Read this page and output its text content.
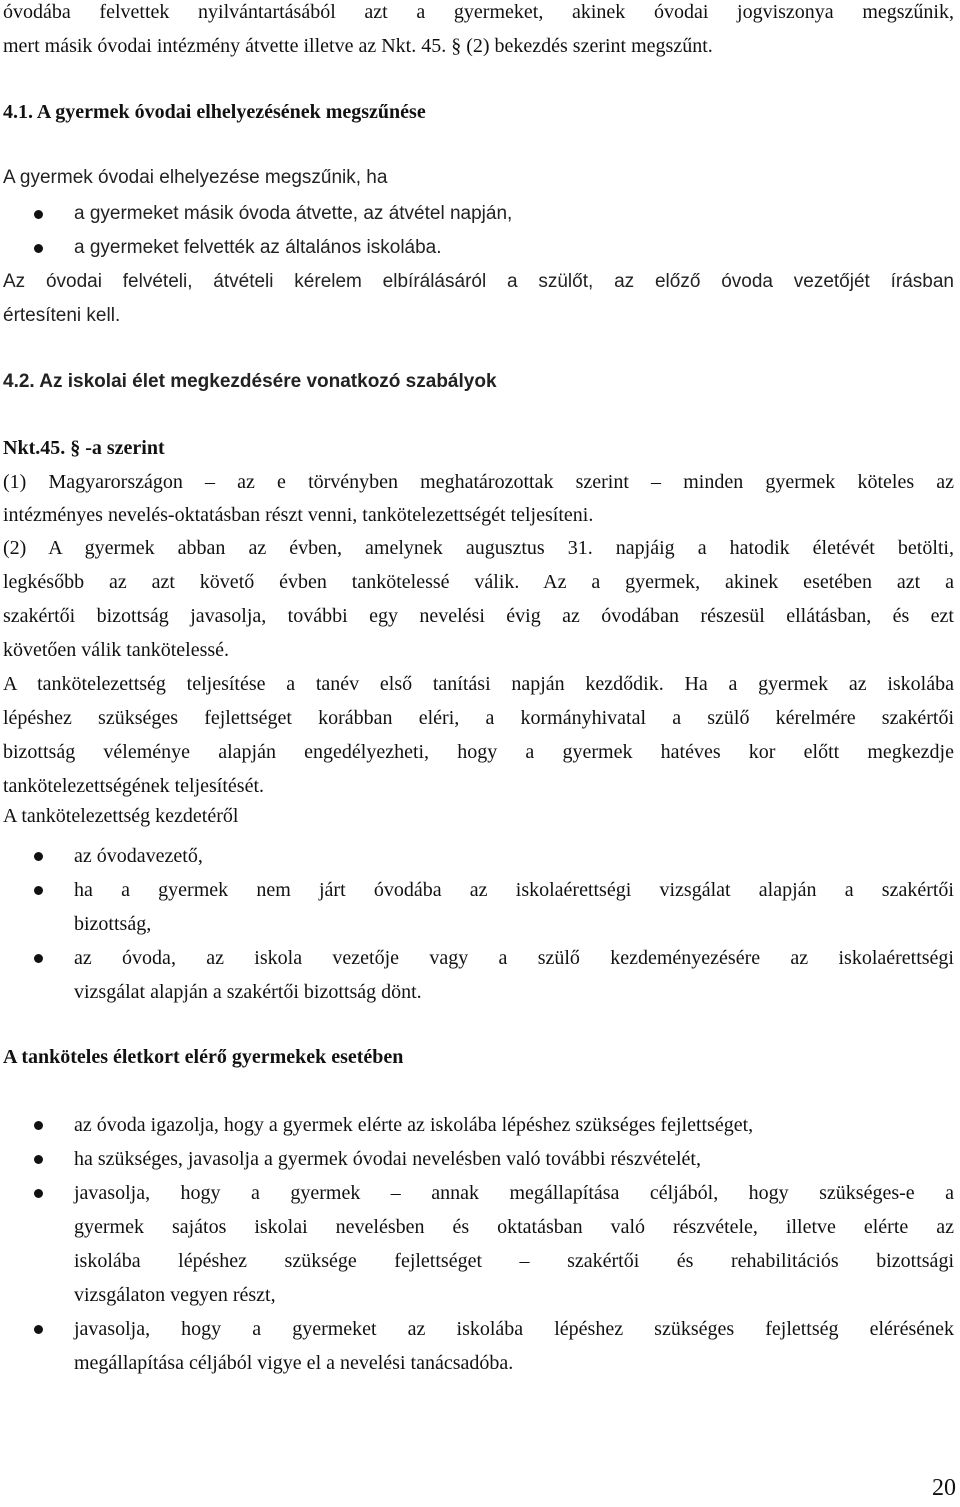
óvodába felvettek nyilvántartásából azt a gyermeket, akinek óvodai jogviszonya megszűnik,
mert másik óvodai intézmény átvette illetve az Nkt. 45. § (2) bekezdés szerint megszűnt.
4.1. A gyermek óvodai elhelyezésének megszűnése
A gyermek óvodai elhelyezése megszűnik, ha
a gyermeket másik óvoda átvette, az átvétel napján,
a gyermeket felvették az általános iskolába.
Az óvodai felvételi, átvételi kérelem elbírálásáról a szülőt, az előző óvoda vezetőjét írásban
értesíteni kell.
4.2. Az iskolai élet megkezdésére vonatkozó szabályok
Nkt.45. § -a szerint
(1) Magyarországon – az e törvényben meghatározottak szerint – minden gyermek köteles az
intézményes nevelés-oktatásban részt venni, tankötelezettségét teljesíteni.
(2) A gyermek abban az évben, amelynek augusztus 31. napjáig a hatodik életévét betölti,
legkésőbb az azt követő évben tankötelessé válik. Az a gyermek, akinek esetében azt a
szakértői bizottság javasolja, további egy nevelési évig az óvodában részesül ellátásban, és ezt
követően válik tankötelessé.
A tankötelezettség teljesítése a tanév első tanítási napján kezdődik. Ha a gyermek az iskolába
lépéshez szükséges fejlettséget korábban eléri, a kormányhivatal a szülő kérelmére szakértői
bizottság véleménye alapján engedélyezheti, hogy a gyermek hatéves kor előtt megkezdje
tankötelezettségének teljesítését.
A tankötelezettség kezdetéről
az óvodavezető,
ha a gyermek nem járt óvodába az iskolaérettségi vizsgálat alapján a szakértői
bizottság,
az óvoda, az iskola vezetője vagy a szülő kezdeményezésére az iskolaérettségi
vizsgálat alapján a szakértői bizottság dönt.
A tanköteles életkort elérő gyermekek esetében
az óvoda igazolja, hogy a gyermek elérte az iskolába lépéshez szükséges fejlettséget,
ha szükséges, javasolja a gyermek óvodai nevelésben való további részvételét,
javasolja, hogy a gyermek – annak megállapítása céljából, hogy szükséges-e a
gyermek sajátos iskolai nevelésben és oktatásban való részvétele, illetve elérte az
iskolába lépéshez szüksége fejlettséget – szakértői és rehabilitációs bizottsági
vizsgálaton vegyen részt,
javasolja, hogy a gyermeket az iskolába lépéshez szükséges fejlettség elérésének
megállapítása céljából vigye el a nevelési tanácsadóba.
20
